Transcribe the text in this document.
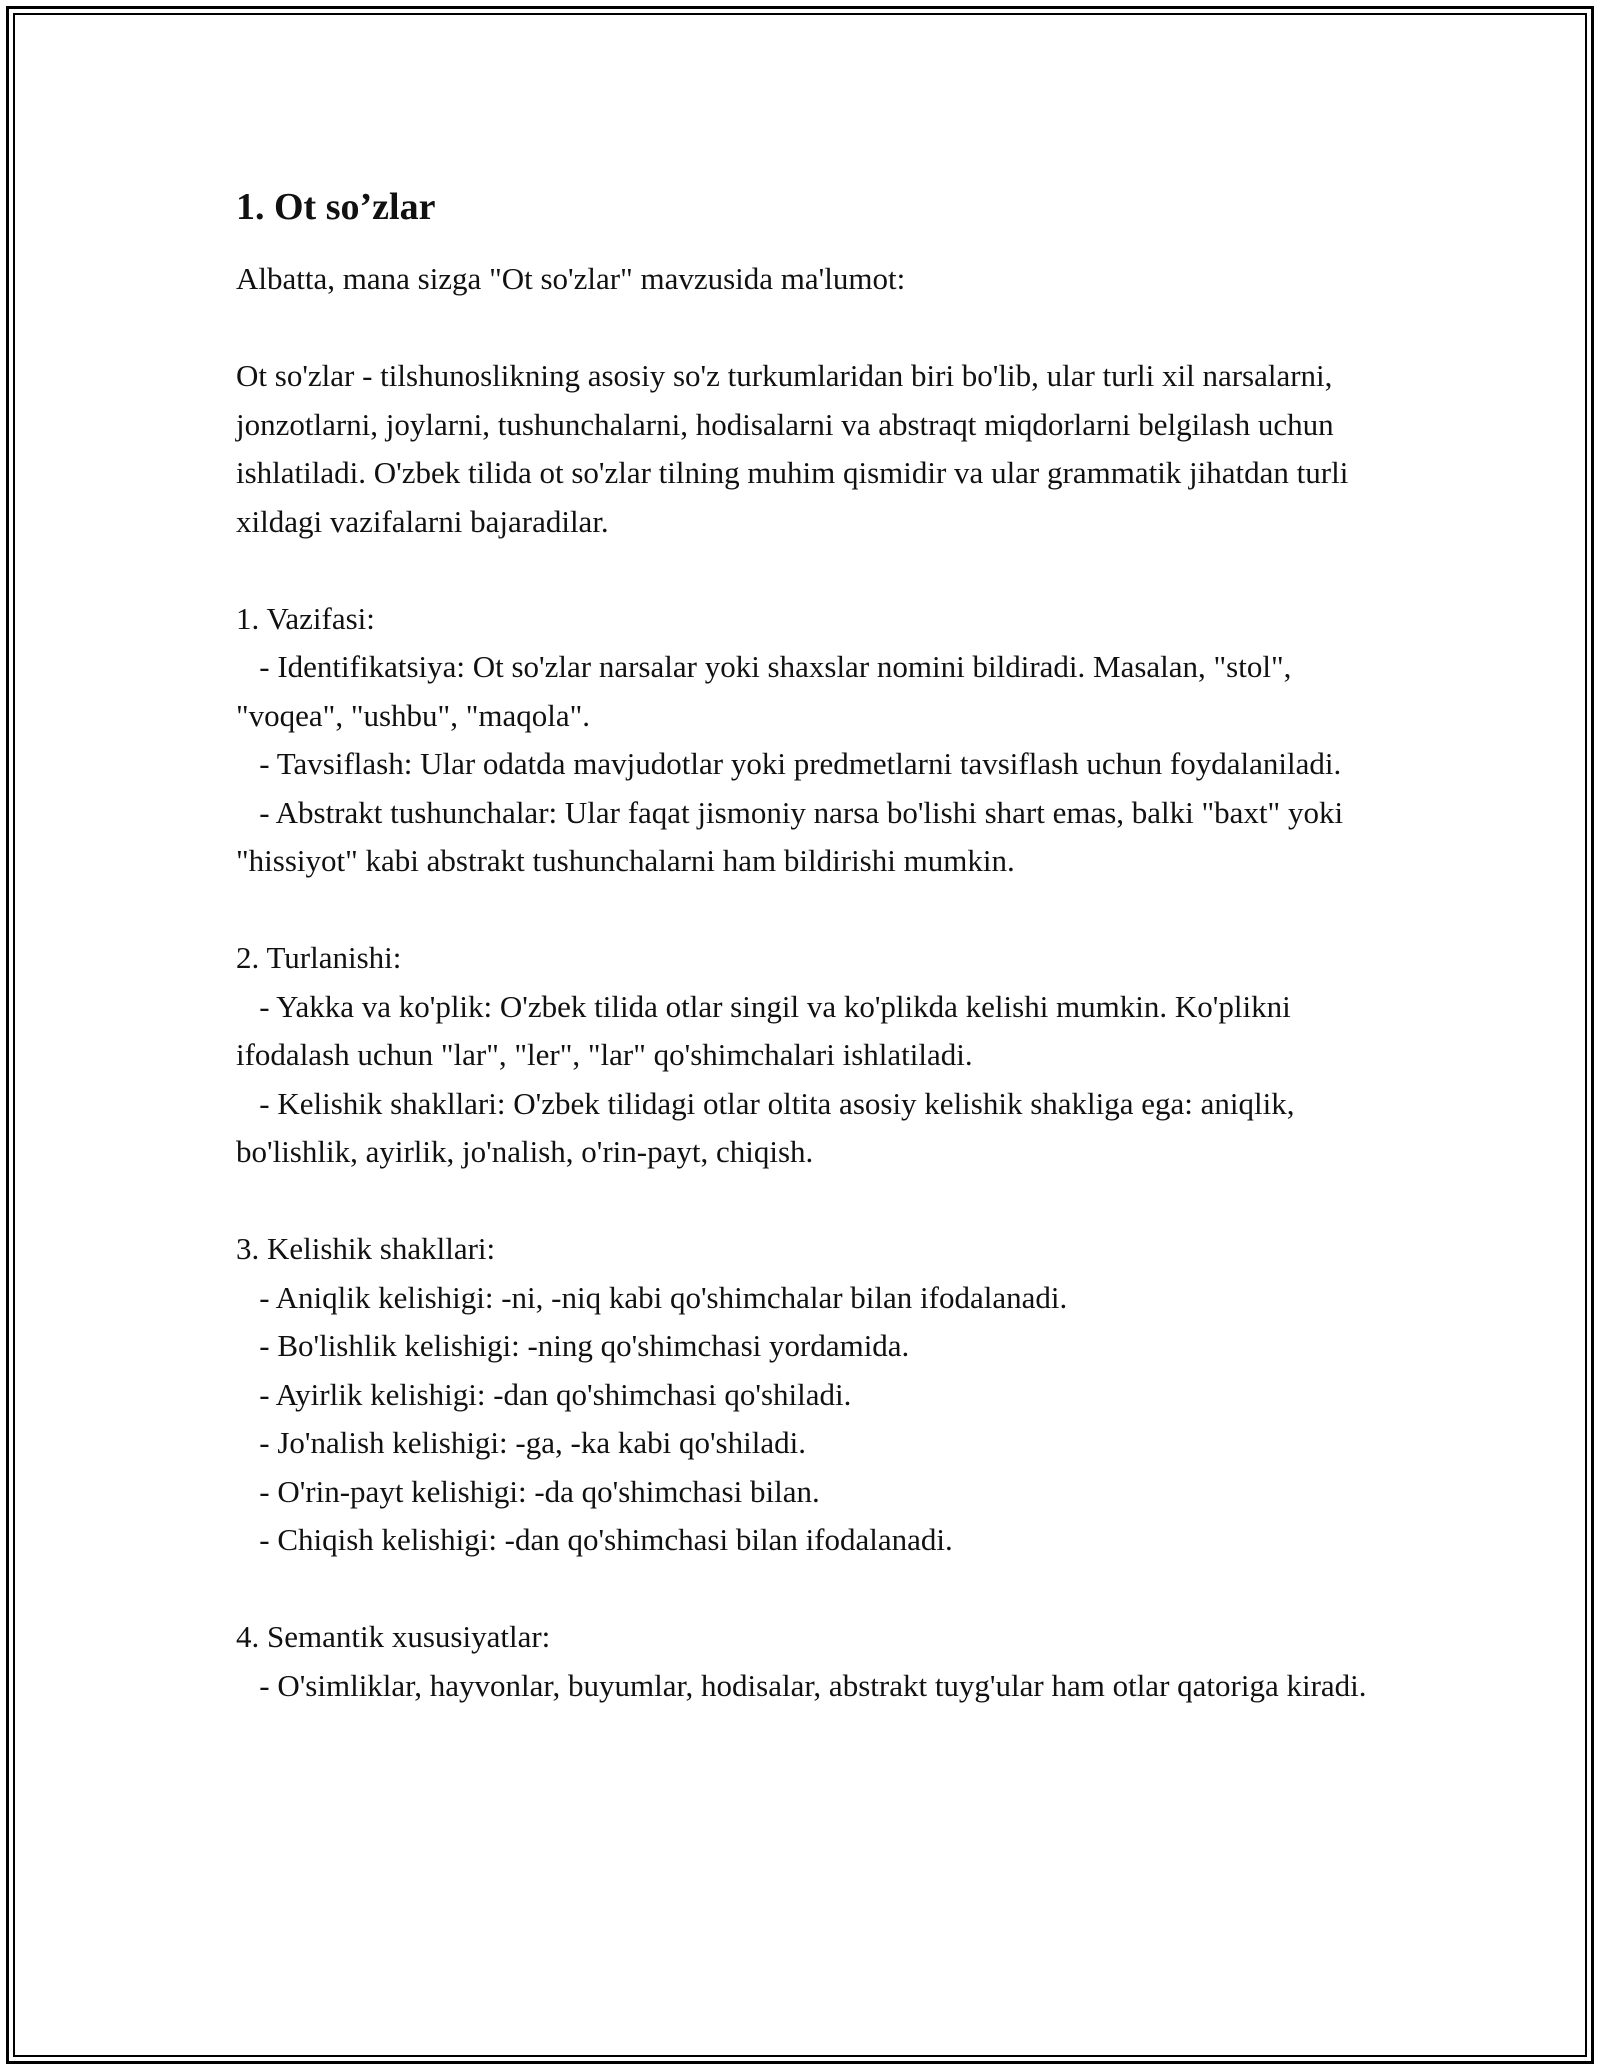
1. Ot so’zlar

Albatta, mana sizga "Ot so'zlar" mavzusida ma'lumot:

Ot so'zlar - tilshunoslikning asosiy so'z turkumlaridan biri bo'lib, ular turli xil narsalarni, jonzotlarni, joylarni, tushunchalarni, hodisalarni va abstraqt miqdorlarni belgilash uchun ishlatiladi. O'zbek tilida ot so'zlar tilning muhim qismidir va ular grammatik jihatdan turli xildagi vazifalarni bajaradilar.

1. Vazifasi:

- Identifikatsiya: Ot so'zlar narsalar yoki shaxslar nomini bildiradi. Masalan, "stol", "voqea", "ushbu", "maqola".

- Tavsiflash: Ular odatda mavjudotlar yoki predmetlarni tavsiflash uchun foydalaniladi.

- Abstrakt tushunchalar: Ular faqat jismoniy narsa bo'lishi shart emas, balki "baxt" yoki "hissiyot" kabi abstrakt tushunchalarni ham bildirishi mumkin.

2. Turlanishi:

- Yakka va ko'plik: O'zbek tilida otlar singil va ko'plikda kelishi mumkin. Ko'plikni ifodalash uchun "lar", "ler", "lar" qo'shimchalari ishlatiladi.

- Kelishik shakllari: O'zbek tilidagi otlar oltita asosiy kelishik shakliga ega: aniqlik, bo'lishlik, ayirlik, jo'nalish, o'rin-payt, chiqish.

3. Kelishik shakllari:

- Aniqlik kelishigi: -ni, -niq kabi qo'shimchalar bilan ifodalanadi.

- Bo'lishlik kelishigi: -ning qo'shimchasi yordamida.

- Ayirlik kelishigi: -dan qo'shimchasi qo'shiladi.

- Jo'nalish kelishigi: -ga, -ka kabi qo'shiladi.

- O'rin-payt kelishigi: -da qo'shimchasi bilan.

- Chiqish kelishigi: -dan qo'shimchasi bilan ifodalanadi.

4. Semantik xususiyatlar:

- O'simliklar, hayvonlar, buyumlar, hodisalar, abstrakt tuyg'ular ham otlar qatoriga kiradi.
